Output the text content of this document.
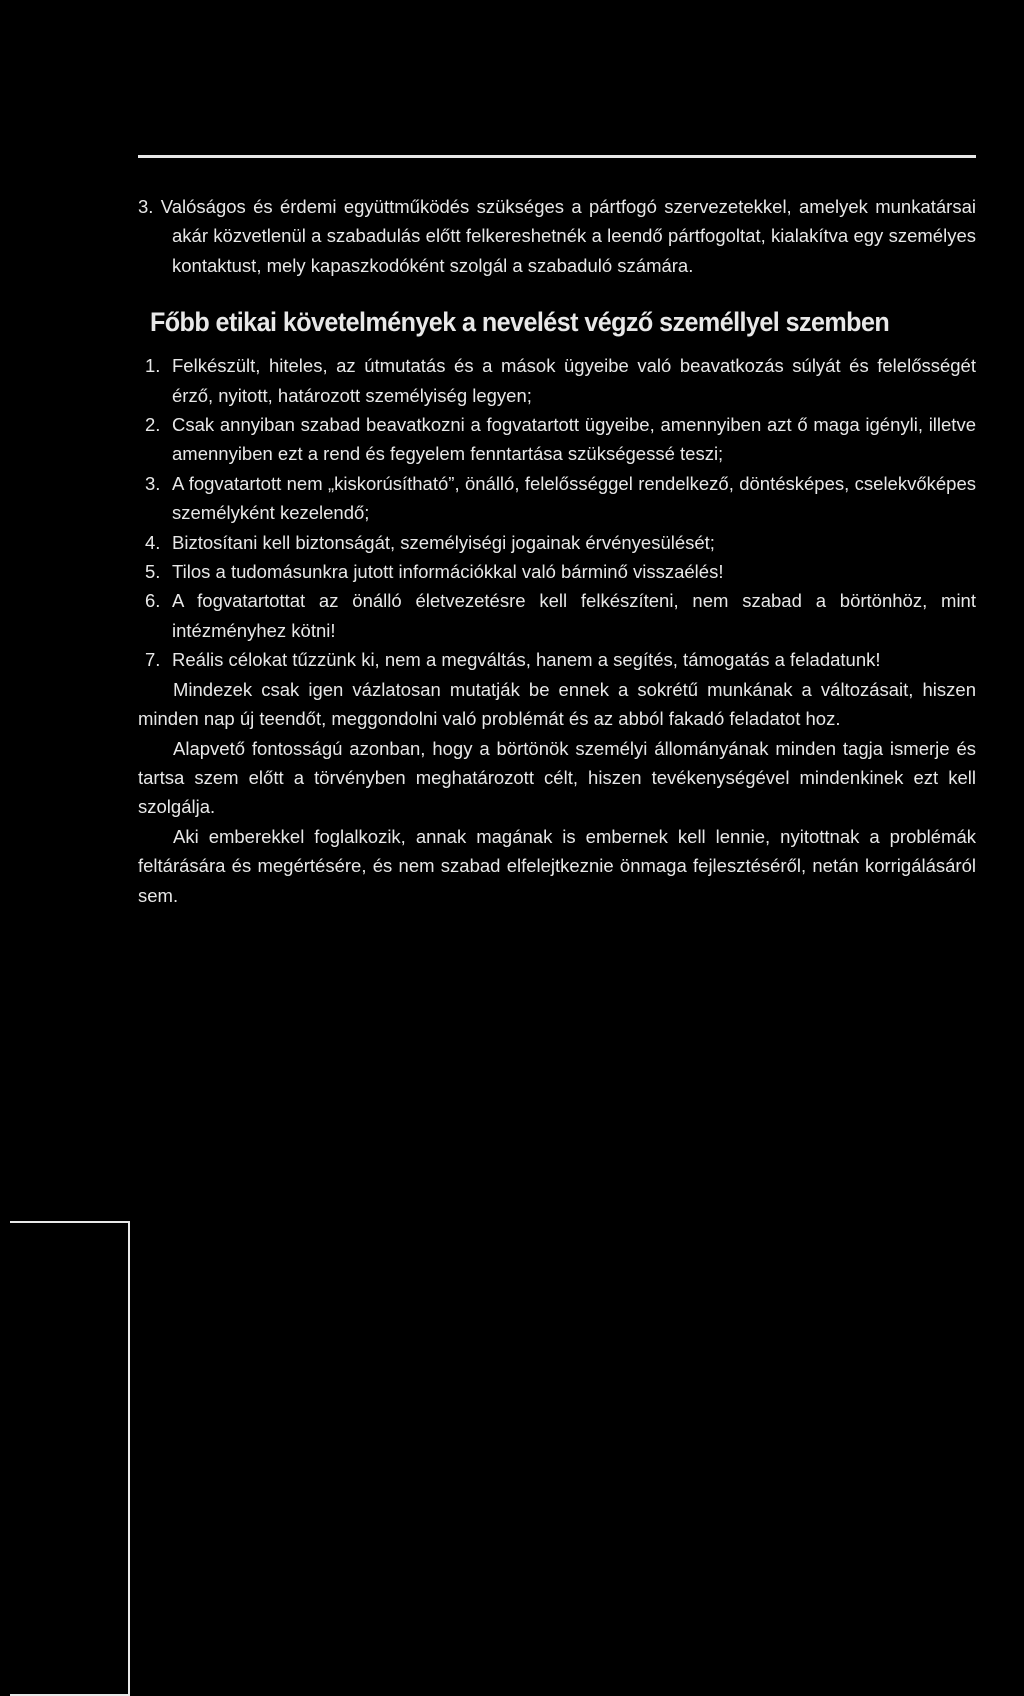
3. Valóságos és érdemi együttműködés szükséges a pártfogó szervezetekkel, amelyek munkatársai akár közvetlenül a szabadulás előtt felkereshetnék a leendő pártfogoltat, kialakítva egy személyes kontaktust, mely kapaszkodóként szolgál a szabaduló számára.

Főbb etikai követelmények a nevelést végző személlyel szemben

1. Felkészült, hiteles, az útmutatás és a mások ügyeibe való beavatkozás súlyát és felelősségét érző, nyitott, határozott személyiség legyen;
2. Csak annyiban szabad beavatkozni a fogvatartott ügyeibe, amennyiben azt ő maga igényli, illetve amennyiben ezt a rend és fegyelem fenntartása szükségessé teszi;
3. A fogvatartott nem „kiskorúsítható”, önálló, felelősséggel rendelkező, döntésképes, cselekvőképes személyként kezelendő;
4. Biztosítani kell biztonságát, személyiségi jogainak érvényesülését;
5. Tilos a tudomásunkra jutott információkkal való bárminő visszaélés!
6. A fogvatartottat az önálló életvezetésre kell felkészíteni, nem szabad a börtönhöz, mint intézményhez kötni!
7. Reális célokat tűzzünk ki, nem a megváltás, hanem a segítés, támogatás a feladatunk!

Mindezek csak igen vázlatosan mutatják be ennek a sokrétű munkának a változásait, hiszen minden nap új teendőt, meggondolni való problémát és az abból fakadó feladatot hoz.

Alapvető fontosságú azonban, hogy a börtönök személyi állományának minden tagja ismerje és tartsa szem előtt a törvényben meghatározott célt, hiszen tevékenységével mindenkinek ezt kell szolgálja.

Aki emberekkel foglalkozik, annak magának is embernek kell lennie, nyitottnak a problémák feltárására és megértésére, és nem szabad elfelejtkeznie önmaga fejlesztéséről, netán korrigálásáról sem.
